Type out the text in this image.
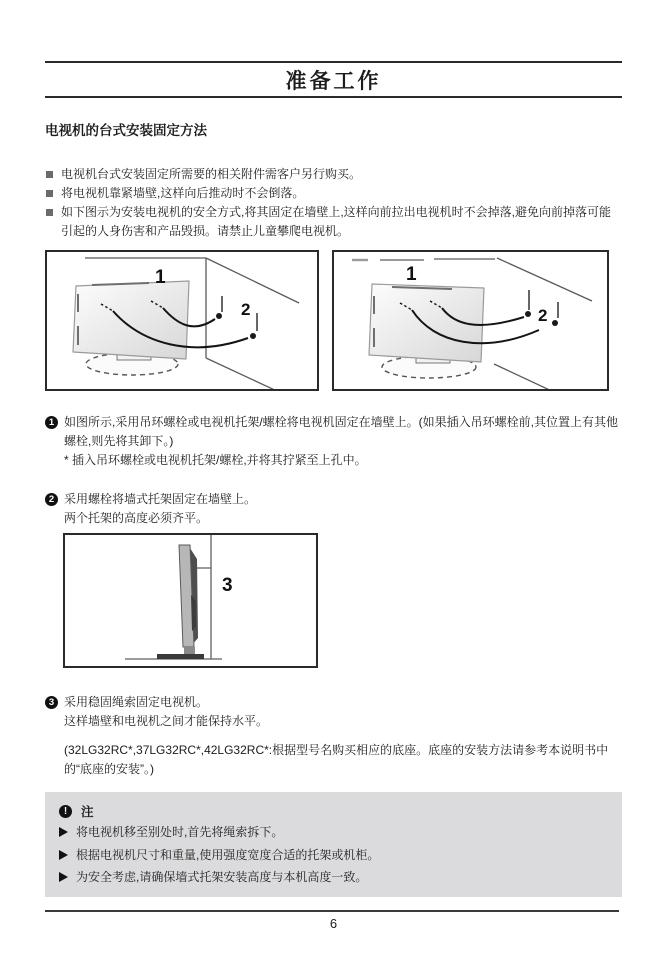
准备工作
电视机的台式安装固定方法
电视机台式安装固定所需要的相关附件需客户另行购买。
将电视机靠紧墙壁,这样向后推动时不会倒落。
如下图示为安装电视机的安全方式,将其固定在墙壁上,这样向前拉出电视机时不会掉落,避免向前掉落可能引起的人身伤害和产品毁损。请禁止儿童攀爬电视机。
1
2
1
2
1 如图所示,采用吊环螺栓或电视机托架/螺栓将电视机固定在墙壁上。(如果插入吊环螺栓前,其位置上有其他螺栓,则先将其卸下。)
* 插入吊环螺栓或电视机托架/螺栓,并将其拧紧至上孔中。
2 采用螺栓将墙式托架固定在墙壁上。
两个托架的高度必须齐平。
3
3 采用稳固绳索固定电视机。
这样墙壁和电视机之间才能保持水平。
(32LG32RC*,37LG32RC*,42LG32RC*:根据型号名购买相应的底座。底座的安装方法请参考本说明书中的“底座的安装”。)
!	注
将电视机移至别处时,首先将绳索拆下。
根据电视机尺寸和重量,使用强度宽度合适的托架或机柜。
为安全考虑,请确保墙式托架安装高度与本机高度一致。
6
